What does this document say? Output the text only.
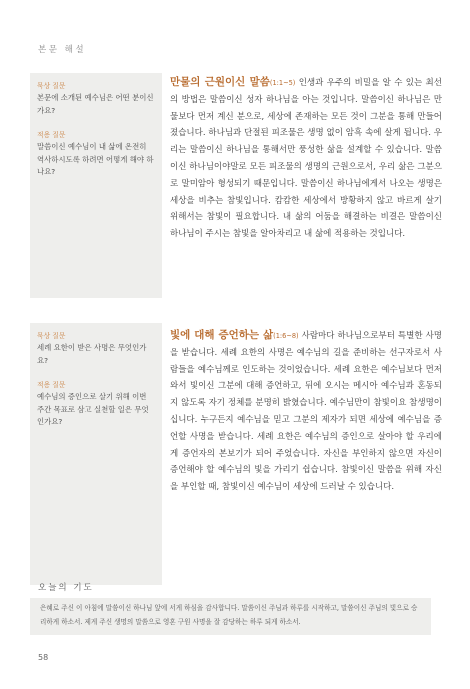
본문 해설
묵상 질문
본문에 소개된 예수님은 어떤 분이신가요?
적용 질문
말씀이신 예수님이 내 삶에 온전히 역사하시도록 하려면 어떻게 해야 하나요?
만물의 근원이신 말씀(1:1~5) 인생과 우주의 비밀을 알 수 있는 최선의 방법은 말씀이신 성자 하나님을 아는 것입니다. 말씀이신 하나님은 만물보다 먼저 계신 분으로, 세상에 존재하는 모든 것이 그분을 통해 만들어졌습니다. 하나님과 단절된 피조물은 생명 없이 암흑 속에 살게 됩니다. 우리는 말씀이신 하나님을 통해서만 풍성한 삶을 설계할 수 있습니다. 말씀이신 하나님이야말로 모든 피조물의 생명의 근원으로서, 우리 삶은 그분으로 말미암아 형성되기 때문입니다. 말씀이신 하나님에게서 나오는 생명은 세상을 비추는 참빛입니다. 캄캄한 세상에서 방황하지 않고 바르게 살기 위해서는 참빛이 필요합니다. 내 삶의 어둠을 해결하는 비결은 말씀이신 하나님이 주시는 참빛을 알아차리고 내 삶에 적용하는 것입니다.
묵상 질문
세례 요한이 받은 사명은 무엇인가요?
적용 질문
예수님의 증인으로 살기 위해 이번 주간 목표로 삼고 실천할 일은 무엇인가요?
빛에 대해 증언하는 삶(1:6~8) 사람마다 하나님으로부터 특별한 사명을 받습니다. 세례 요한의 사명은 예수님의 길을 준비하는 선구자로서 사람들을 예수님께로 인도하는 것이었습니다. 세례 요한은 예수님보다 먼저 와서 빛이신 그분에 대해 증언하고, 뒤에 오시는 메시아 예수님과 혼동되지 않도록 자기 정체를 분명히 밝혔습니다. 예수님만이 참빛이요 참생명이십니다. 누구든지 예수님을 믿고 그분의 제자가 되면 세상에 예수님을 증언할 사명을 받습니다. 세례 요한은 예수님의 증인으로 살아야 할 우리에게 증언자의 본보기가 되어 주었습니다. 자신을 부인하지 않으면 자신이 증언해야 할 예수님의 빛을 가리기 쉽습니다. 참빛이신 말씀을 위해 자신을 부인할 때, 참빛이신 예수님이 세상에 드러날 수 있습니다.
오늘의 기도
은혜로 주신 이 아침에 말씀이신 하나님 앞에 서게 하심을 감사합니다. 말씀이신 주님과 하루를 시작하고, 말씀이신 주님의 빛으로 승리하게 하소서. 제게 주신 생명의 말씀으로 영혼 구원 사명을 잘 감당하는 하루 되게 하소서.
58
